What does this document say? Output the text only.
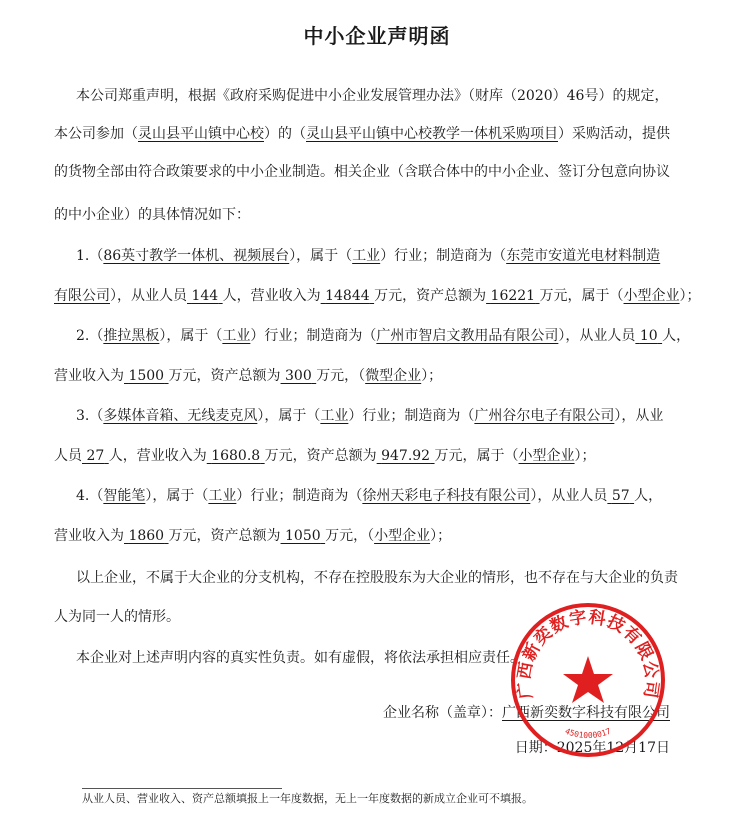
中小企业声明函
本公司郑重声明，根据《政府采购促进中小企业发展管理办法》（财库（2020）46号）的规定，
本公司参加（灵山县平山镇中心校）的（灵山县平山镇中心校教学一体机采购项目）采购活动，提供
的货物全部由符合政策要求的中小企业制造。相关企业（含联合体中的中小企业、签订分包意向协议
的中小企业）的具体情况如下：
1.（86英寸教学一体机、视频展台），属于（工业）行业；制造商为（东莞市安道光电材料制造
有限公司），从业人员 144 人，营业收入为 14844 万元，资产总额为 16221 万元，属于（小型企业）；
2.（推拉黑板），属于（工业）行业；制造商为（广州市智启文教用品有限公司），从业人员 10 人，
营业收入为 1500 万元，资产总额为 300 万元，（微型企业）；
3.（多媒体音箱、无线麦克风），属于（工业）行业；制造商为（广州谷尔电子有限公司），从业
人员 27 人，营业收入为 1680.8 万元，资产总额为 947.92 万元，属于（小型企业）；
4.（智能笔），属于（工业）行业；制造商为（徐州天彩电子科技有限公司），从业人员 57 人，
营业收入为 1860 万元，资产总额为 1050 万元，（小型企业）；
以上企业，不属于大企业的分支机构，不存在控股股东为大企业的情形，也不存在与大企业的负责
人为同一人的情形。
本企业对上述声明内容的真实性负责。如有虚假，将依法承担相应责任。
企业名称（盖章）：广西新奕数字科技有限公司
日期：2025年12月17日
广西新奕数字科技有限公司
4501000017
从业人员、营业收入、资产总额填报上一年度数据，无上一年度数据的新成立企业可不填报。
